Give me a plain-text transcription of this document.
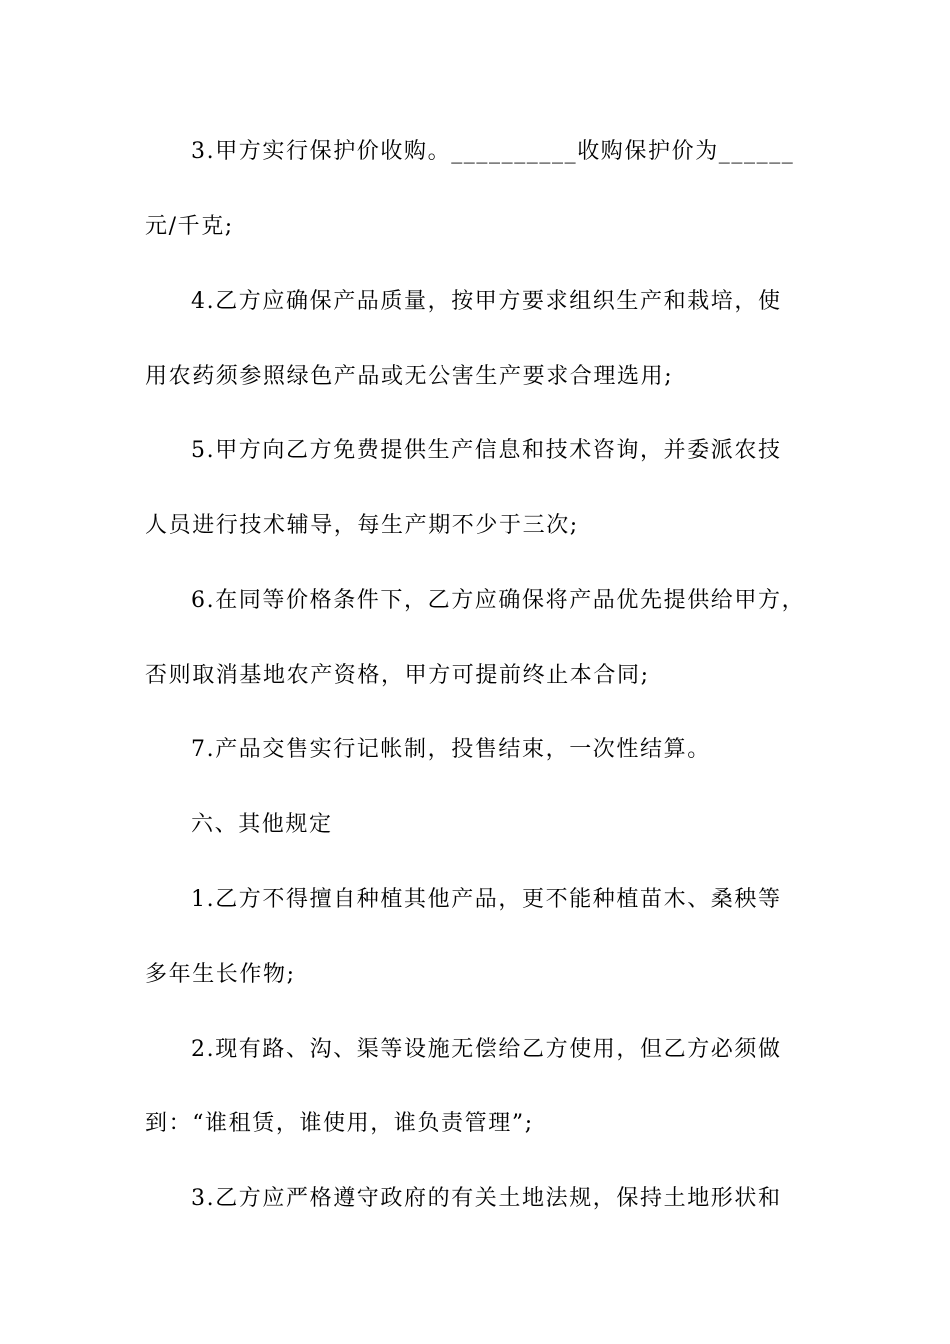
3.甲方实行保护价收购。__________收购保护价为______
元/千克;
4.乙方应确保产品质量，按甲方要求组织生产和栽培，使
用农药须参照绿色产品或无公害生产要求合理选用;
5.甲方向乙方免费提供生产信息和技术咨询，并委派农技
人员进行技术辅导，每生产期不少于三次;
6.在同等价格条件下，乙方应确保将产品优先提供给甲方，
否则取消基地农产资格，甲方可提前终止本合同;
7.产品交售实行记帐制，投售结束，一次性结算。
六、其他规定
1.乙方不得擅自种植其他产品，更不能种植苗木、桑秧等
多年生长作物;
2.现有路、沟、渠等设施无偿给乙方使用，但乙方必须做
到：“谁租赁，谁使用，谁负责管理”;
3.乙方应严格遵守政府的有关土地法规，保持土地形状和
